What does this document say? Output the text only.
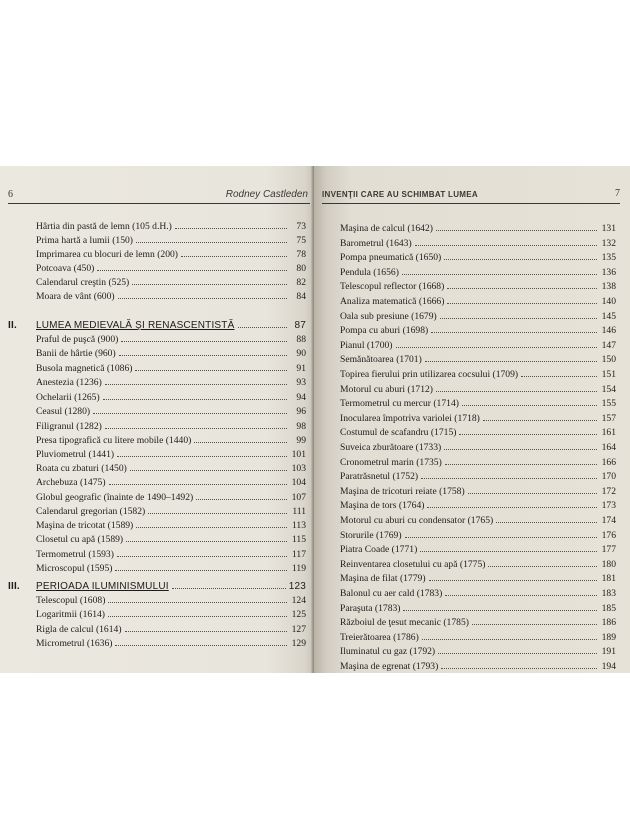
6	Rodney Castleden
Hârtia din pastă de lemn (105 d.H.)	73
Prima hartă a lumii (150)	75
Imprimarea cu blocuri de lemn (200)	78
Potcoava (450)	80
Calendarul creştin (525)	82
Moara de vânt (600)	84
II.	LUMEA MEDIEVALĂ ŞI RENASCENTISTĂ	87
Praful de puşcă (900)	88
Banii de hârtie (960)	90
Busola magnetică (1086)	91
Anestezia (1236)	93
Ochelarii (1265)	94
Ceasul (1280)	96
Filigranul (1282)	98
Presa tipografică cu litere mobile (1440)	99
Pluviometrul (1441)	101
Roata cu zbaturi (1450)	103
Archebuza (1475)	104
Globul geografic (înainte de 1490–1492)	107
Calendarul gregorian (1582)	111
Maşina de tricotat (1589)	113
Closetul cu apă (1589)	115
Termometrul (1593)	117
Microscopul (1595)	119
III.	PERIOADA ILUMINISMULUI	123
Telescopul (1608)	124
Logaritmii (1614)	125
Rigla de calcul (1614)	127
Micrometrul (1636)	129
INVENŢII CARE AU SCHIMBAT LUMEA	7
Maşina de calcul (1642)	131
Barometrul (1643)	132
Pompa pneumatică (1650)	135
Pendula (1656)	136
Telescopul reflector (1668)	138
Analiza matematică (1666)	140
Oala sub presiune (1679)	145
Pompa cu aburi (1698)	146
Pianul (1700)	147
Semănătoarea (1701)	150
Topirea fierului prin utilizarea cocsului (1709)	151
Motorul cu aburi (1712)	154
Termometrul cu mercur (1714)	155
Inocularea împotriva variolei (1718)	157
Costumul de scafandru (1715)	161
Suveica zburătoare (1733)	164
Cronometrul marin (1735)	166
Paratrăsnetul (1752)	170
Maşina de tricoturi reiate (1758)	172
Maşina de tors (1764)	173
Motorul cu aburi cu condensator (1765)	174
Storurile (1769)	176
Piatra Coade (1771)	177
Reinventarea closetului cu apă (1775)	180
Maşina de filat (1779)	181
Balonul cu aer cald (1783)	183
Paraşuta (1783)	185
Războiul de ţesut mecanic (1785)	186
Treierătoarea (1786)	189
Iluminatul cu gaz (1792)	191
Maşina de egrenat (1793)	194
